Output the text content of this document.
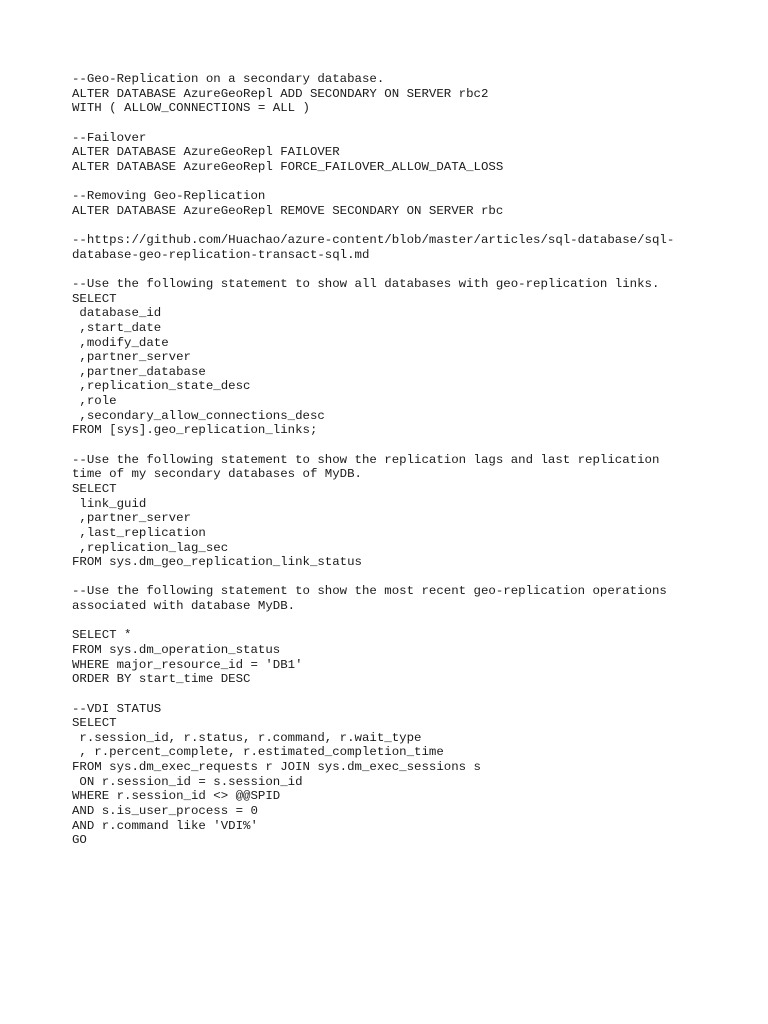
--Geo-Replication on a secondary database.
ALTER DATABASE AzureGeoRepl ADD SECONDARY ON SERVER rbc2
WITH ( ALLOW_CONNECTIONS = ALL )
--Failover
ALTER DATABASE AzureGeoRepl FAILOVER
ALTER DATABASE AzureGeoRepl FORCE_FAILOVER_ALLOW_DATA_LOSS
--Removing Geo-Replication
ALTER DATABASE AzureGeoRepl REMOVE SECONDARY ON SERVER rbc
--https://github.com/Huachao/azure-content/blob/master/articles/sql-database/sql-
database-geo-replication-transact-sql.md
--Use the following statement to show all databases with geo-replication links.
SELECT
database_id
,start_date
,modify_date
,partner_server
,partner_database
,replication_state_desc
,role
,secondary_allow_connections_desc
FROM [sys].geo_replication_links;
--Use the following statement to show the replication lags and last replication
time of my secondary databases of MyDB.
SELECT
link_guid
,partner_server
,last_replication
,replication_lag_sec
FROM sys.dm_geo_replication_link_status
--Use the following statement to show the most recent geo-replication operations
associated with database MyDB.
SELECT *
FROM sys.dm_operation_status
WHERE major_resource_id = 'DB1'
ORDER BY start_time DESC
--VDI STATUS
SELECT
r.session_id, r.status, r.command, r.wait_type
, r.percent_complete, r.estimated_completion_time
FROM sys.dm_exec_requests r JOIN sys.dm_exec_sessions s
ON r.session_id = s.session_id
WHERE r.session_id <> @@SPID
AND s.is_user_process = 0
AND r.command like 'VDI%'
GO
